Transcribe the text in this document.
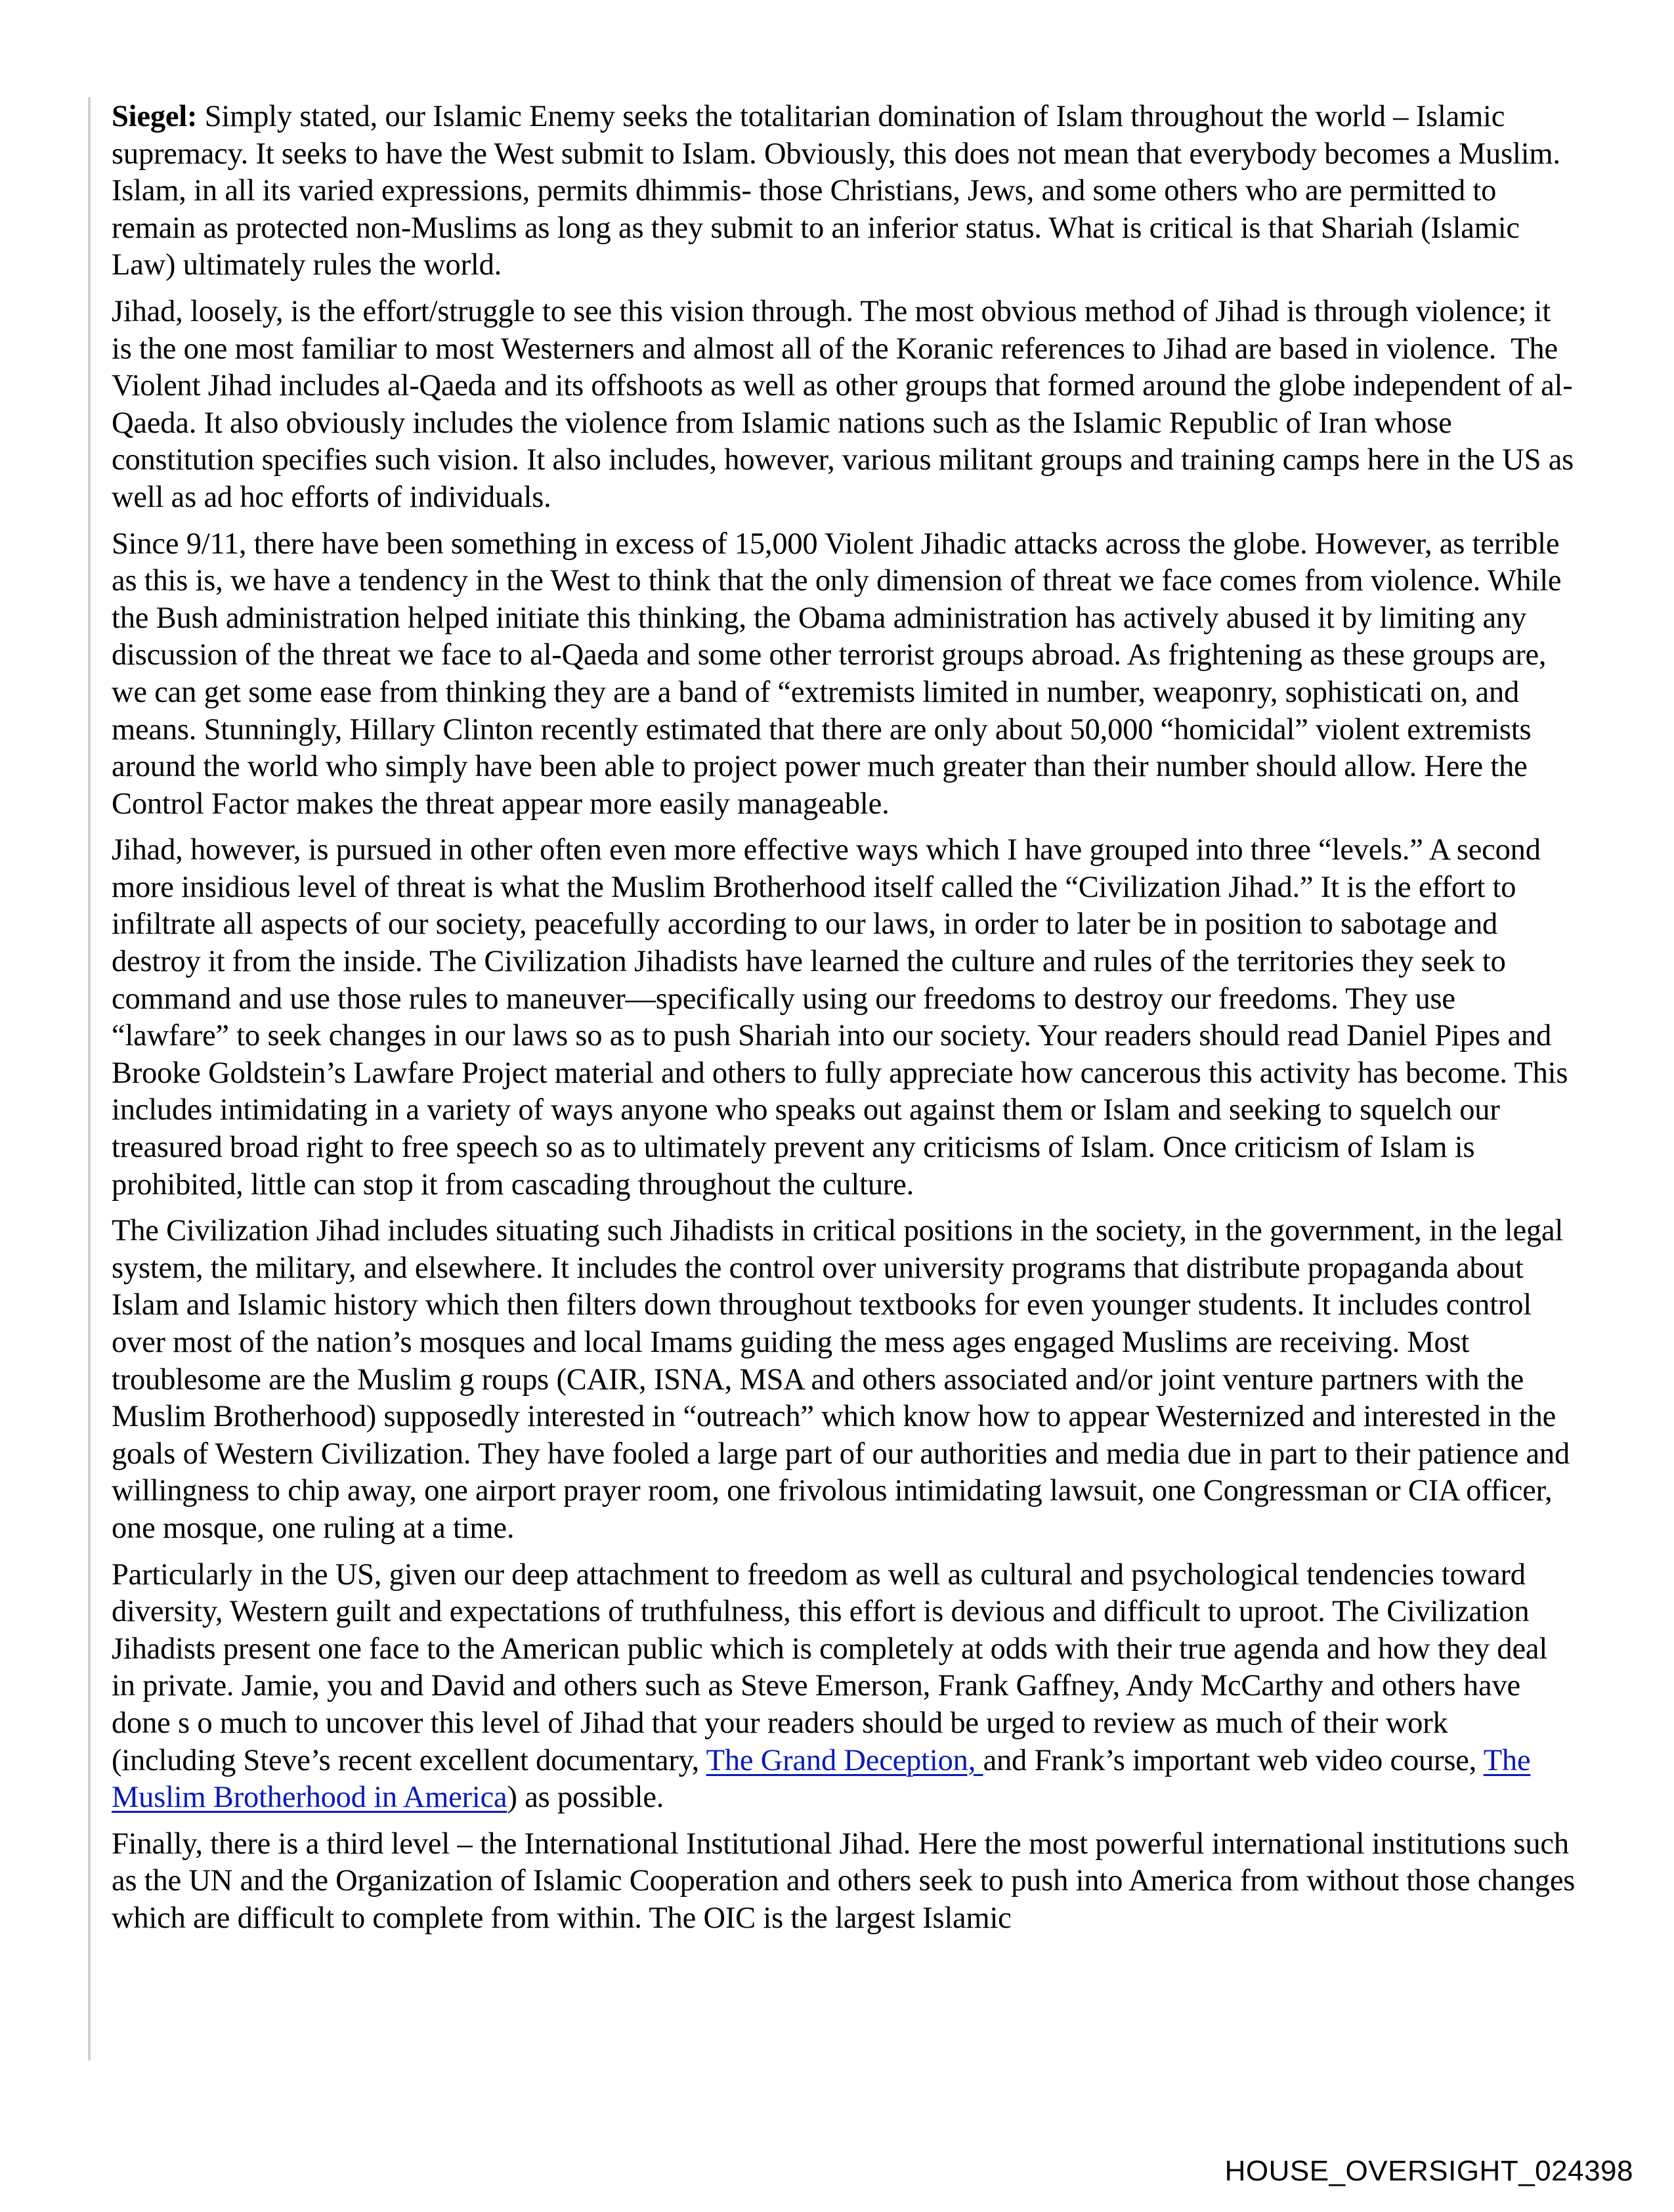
Siegel: Simply stated, our Islamic Enemy seeks the totalitarian domination of Islam throughout the world – Islamic supremacy. It seeks to have the West submit to Islam. Obviously, this does not mean that everybody becomes a Muslim. Islam, in all its varied expressions, permits dhimmis- those Christians, Jews, and some others who are permitted to remain as protected non-Muslims as long as they submit to an inferior status. What is critical is that Shariah (Islamic Law) ultimately rules the world.

Jihad, loosely, is the effort/struggle to see this vision through. The most obvious method of Jihad is through violence; it is the one most familiar to most Westerners and almost all of the Koranic references to Jihad are based in violence.  The Violent Jihad includes al-Qaeda and its offshoots as well as other groups that formed around the globe independent of al-Qaeda. It also obviously includes the violence from Islamic nations such as the Islamic Republic of Iran whose constitution specifies such vision. It also includes, however, various militant groups and training camps here in the US as well as ad hoc efforts of individuals.

Since 9/11, there have been something in excess of 15,000 Violent Jihadic attacks across the globe. However, as terrible as this is, we have a tendency in the West to think that the only dimension of threat we face comes from violence. While the Bush administration helped initiate this thinking, the Obama administration has actively abused it by limiting any discussion of the threat we face to al-Qaeda and some other terrorist groups abroad. As frightening as these groups are, we can get some ease from thinking they are a band of “extremists limited in number, weaponry, sophisticati on, and means. Stunningly, Hillary Clinton recently estimated that there are only about 50,000 “homicidal” violent extremists around the world who simply have been able to project power much greater than their number should allow. Here the Control Factor makes the threat appear more easily manageable.

Jihad, however, is pursued in other often even more effective ways which I have grouped into three “levels.” A second more insidious level of threat is what the Muslim Brotherhood itself called the “Civilization Jihad.” It is the effort to infiltrate all aspects of our society, peacefully according to our laws, in order to later be in position to sabotage and destroy it from the inside. The Civilization Jihadists have learned the culture and rules of the territories they seek to command and use those rules to maneuver—specifically using our freedoms to destroy our freedoms. They use “lawfare” to seek changes in our laws so as to push Shariah into our society. Your readers should read Daniel Pipes and Brooke Goldstein’s Lawfare Project material and others to fully appreciate how cancerous this activity has become. This includes intimidating in a variety of ways anyone who speaks out against them or Islam and seeking to squelch our treasured broad right to free speech so as to ultimately prevent any criticisms of Islam. Once criticism of Islam is prohibited, little can stop it from cascading throughout the culture.

The Civilization Jihad includes situating such Jihadists in critical positions in the society, in the government, in the legal system, the military, and elsewhere. It includes the control over university programs that distribute propaganda about Islam and Islamic history which then filters down throughout textbooks for even younger students. It includes control over most of the nation’s mosques and local Imams guiding the mess ages engaged Muslims are receiving. Most troublesome are the Muslim g roups (CAIR, ISNA, MSA and others associated and/or joint venture partners with the Muslim Brotherhood) supposedly interested in “outreach” which know how to appear Westernized and interested in the goals of Western Civilization. They have fooled a large part of our authorities and media due in part to their patience and willingness to chip away, one airport prayer room, one frivolous intimidating lawsuit, one Congressman or CIA officer, one mosque, one ruling at a time.

Particularly in the US, given our deep attachment to freedom as well as cultural and psychological tendencies toward diversity, Western guilt and expectations of truthfulness, this effort is devious and difficult to uproot. The Civilization Jihadists present one face to the American public which is completely at odds with their true agenda and how they deal in private. Jamie, you and David and others such as Steve Emerson, Frank Gaffney, Andy McCarthy and others have done s o much to uncover this level of Jihad that your readers should be urged to review as much of their work (including Steve’s recent excellent documentary, The Grand Deception, and Frank’s important web video course, The Muslim Brotherhood in America) as possible.

Finally, there is a third level – the International Institutional Jihad. Here the most powerful international institutions such as the UN and the Organization of Islamic Cooperation and others seek to push into America from without those changes which are difficult to complete from within. The OIC is the largest Islamic

HOUSE_OVERSIGHT_024398
